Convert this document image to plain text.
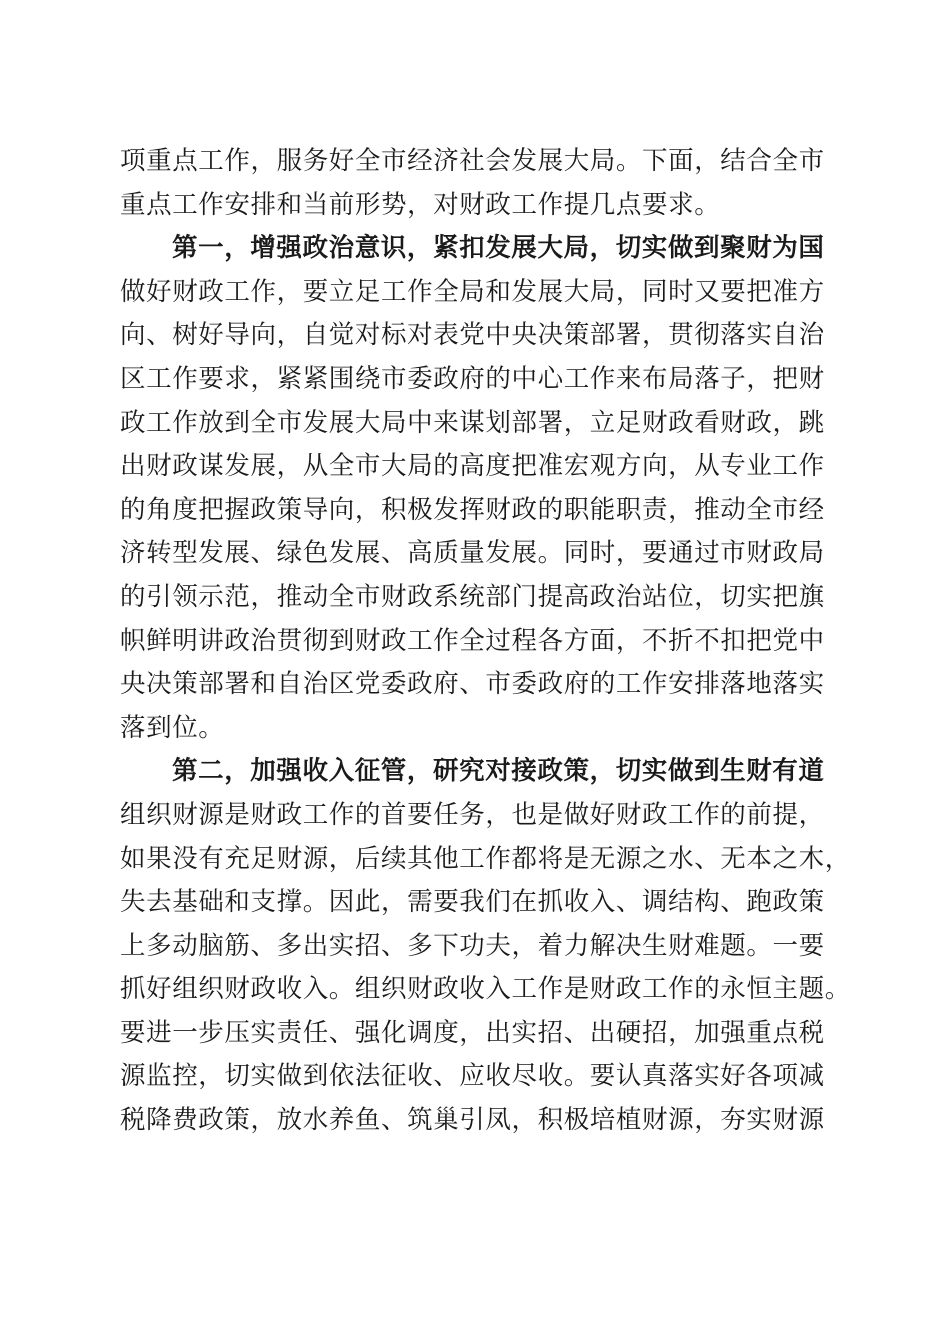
项重点工作，服务好全市经济社会发展大局。下面，结合全市
重点工作安排和当前形势，对财政工作提几点要求。
第一，增强政治意识，紧扣发展大局，切实做到聚财为国
做好财政工作，要立足工作全局和发展大局，同时又要把准方
向、树好导向，自觉对标对表党中央决策部署，贯彻落实自治
区工作要求，紧紧围绕市委政府的中心工作来布局落子，把财
政工作放到全市发展大局中来谋划部署，立足财政看财政，跳
出财政谋发展，从全市大局的高度把准宏观方向，从专业工作
的角度把握政策导向，积极发挥财政的职能职责，推动全市经
济转型发展、绿色发展、高质量发展。同时，要通过市财政局
的引领示范，推动全市财政系统部门提高政治站位，切实把旗
帜鲜明讲政治贯彻到财政工作全过程各方面，不折不扣把党中
央决策部署和自治区党委政府、市委政府的工作安排落地落实
落到位。
第二，加强收入征管，研究对接政策，切实做到生财有道
组织财源是财政工作的首要任务，也是做好财政工作的前提，
如果没有充足财源，后续其他工作都将是无源之水、无本之木，
失去基础和支撑。因此，需要我们在抓收入、调结构、跑政策
上多动脑筋、多出实招、多下功夫，着力解决生财难题。一要
抓好组织财政收入。组织财政收入工作是财政工作的永恒主题。
要进一步压实责任、强化调度，出实招、出硬招，加强重点税
源监控，切实做到依法征收、应收尽收。要认真落实好各项减
税降费政策，放水养鱼、筑巢引凤，积极培植财源，夯实财源
